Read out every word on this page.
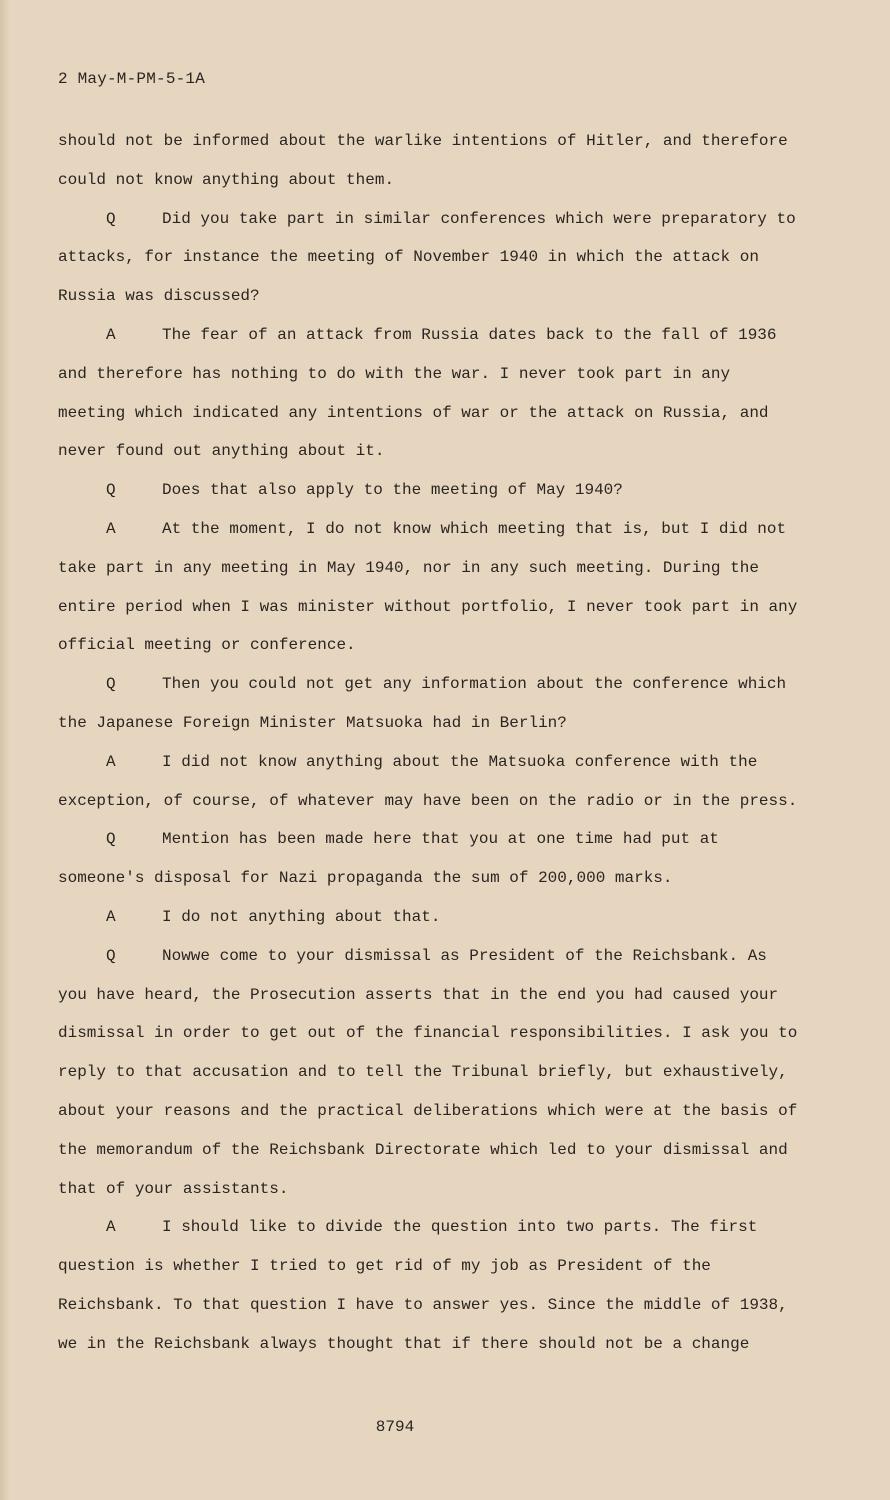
2 May-M-PM-5-1A

should not be informed about the warlike intentions of Hitler, and therefore could not know anything about them.

Q	Did you take part in similar conferences which were preparatory to attacks, for instance the meeting of November 1940 in which the attack on Russia was discussed?

A	The fear of an attack from Russia dates back to the fall of 1936 and therefore has nothing to do with the war. I never took part in any meeting which indicated any intentions of war or the attack on Russia, and never found out anything about it.

Q	Does that also apply to the meeting of May 1940?

A	At the moment, I do not know which meeting that is, but I did not take part in any meeting in May 1940, nor in any such meeting. During the entire period when I was minister without portfolio, I never took part in any official meeting or conference.

Q	Then you could not get any information about the conference which the Japanese Foreign Minister Matsuoka had in Berlin?

A	I did not know anything about the Matsuoka conference with the exception, of course, of whatever may have been on the radio or in the press.

Q	Mention has been made here that you at one time had put at someone's disposal for Nazi propaganda the sum of 200,000 marks.

A	I do not anything about that.

Q	Nowwe come to your dismissal as President of the Reichsbank. As you have heard, the Prosecution asserts that in the end you had caused your dismissal in order to get out of the financial responsibilities. I ask you to reply to that accusation and to tell the Tribunal briefly, but exhaustively, about your reasons and the practical deliberations which were at the basis of the memorandum of the Reichsbank Directorate which led to your dismissal and that of your assistants.

A	I should like to divide the question into two parts. The first question is whether I tried to get rid of my job as President of the Reichsbank. To that question I have to answer yes. Since the middle of 1938, we in the Reichsbank always thought that if there should not be a change

8794
